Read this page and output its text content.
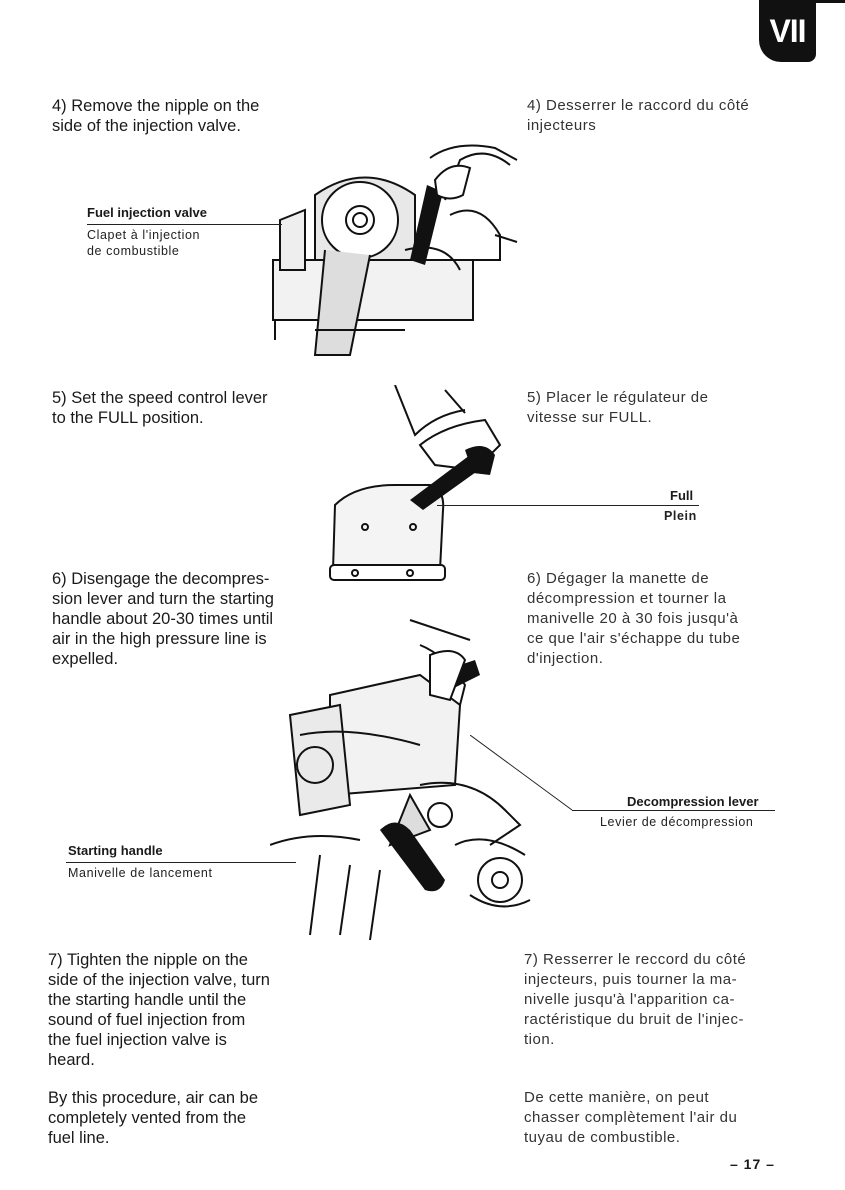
VII
4) Remove the nipple on the
side of the injection valve.
4) Desserrer le raccord du côté
injecteurs
Fuel injection valve
Clapet à l'injection
de combustible
5) Set the speed control lever
to the FULL position.
5) Placer le régulateur de
vitesse sur FULL.
Full
Plein
6) Disengage the decompres-
sion lever and turn the starting
handle about 20-30 times until
air in the high pressure line is
expelled.
6) Dégager la manette de
décompression et tourner la
manivelle 20 à 30 fois jusqu'à
ce que l'air s'échappe du tube
d'injection.
Decompression lever
Levier de décompression
Starting handle
Manivelle de lancement
7) Tighten the nipple on the
side of the injection valve, turn
the starting handle until the
sound of fuel injection from
the fuel injection valve is
heard.
7) Resserrer le reccord du côté
injecteurs, puis tourner la ma-
nivelle jusqu'à l'apparition ca-
ractéristique du bruit de l'injec-
tion.
By this procedure, air can be
completely vented from the
fuel line.
De cette manière, on peut
chasser complètement l'air du
tuyau de combustible.
– 17 –
